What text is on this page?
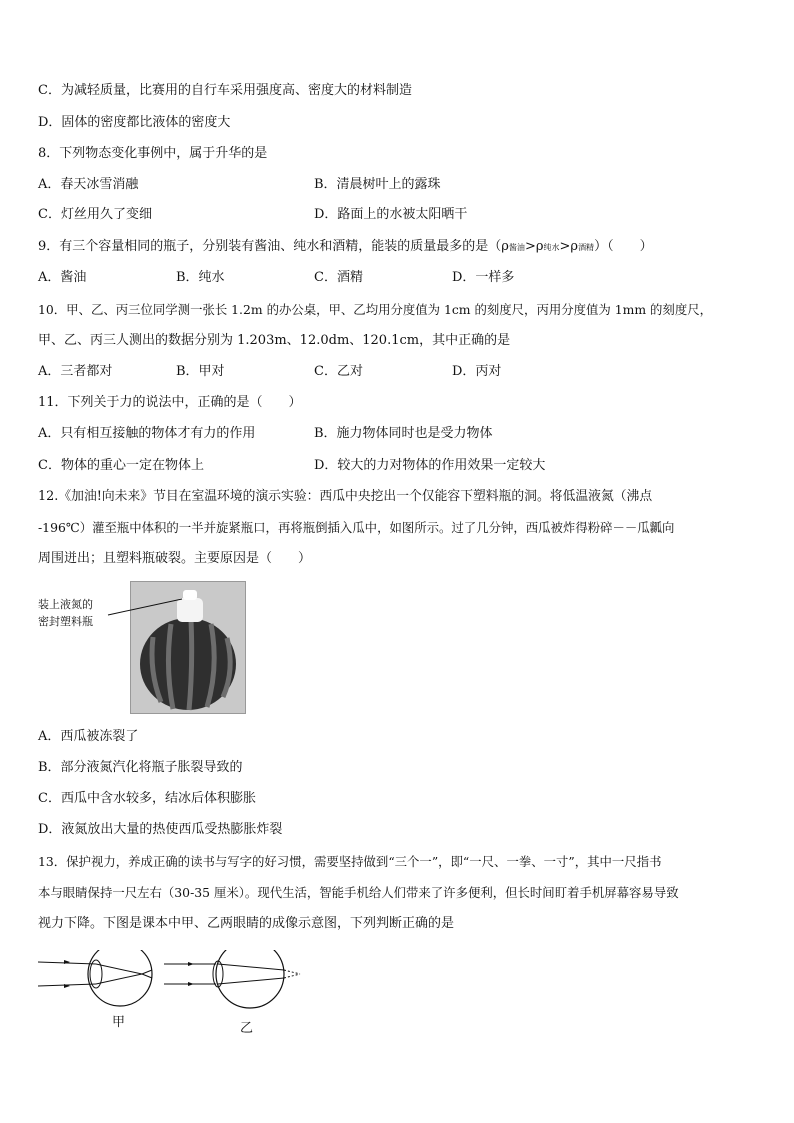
C．为减轻质量，比赛用的自行车采用强度高、密度大的材料制造
D．固体的密度都比液体的密度大
8．下列物态变化事例中，属于升华的是
A．春天冰雪消融	B．清晨树叶上的露珠
C．灯丝用久了变细	D．路面上的水被太阳晒干
9．有三个容量相同的瓶子，分别装有酱油、纯水和酒精，能装的质量最多的是（ρ酱油>ρ纯水>ρ酒精）（　　）
A．酱油	B．纯水	C．酒精	D．一样多
10．甲、乙、丙三位同学测一张长 1.2m 的办公桌，甲、乙均用分度值为 1cm 的刻度尺，丙用分度值为 1mm 的刻度尺，
甲、乙、丙三人测出的数据分别为 1.203m、12.0dm、120.1cm，其中正确的是
A．三者都对	B．甲对	C．乙对	D．丙对
11．下列关于力的说法中，正确的是（　　）
A．只有相互接触的物体才有力的作用	B．施力物体同时也是受力物体
C．物体的重心一定在物体上	D．较大的力对物体的作用效果一定较大
12.《加油!向未来》节目在室温环境的演示实验：西瓜中央挖出一个仅能容下塑料瓶的洞。将低温液氮（沸点
-196℃）灌至瓶中体积的一半并旋紧瓶口，再将瓶倒插入瓜中，如图所示。过了几分钟，西瓜被炸得粉碎－－瓜瓤向
周围迸出；且塑料瓶破裂。主要原因是（　　）
装上液氮的
密封塑料瓶
A．西瓜被冻裂了
B．部分液氮汽化将瓶子胀裂导致的
C．西瓜中含水较多，结冰后体积膨胀
D．液氮放出大量的热使西瓜受热膨胀炸裂
13．保护视力，养成正确的读书与写字的好习惯，需要坚持做到“三个一”，即“一尺、一拳、一寸”，其中一尺指书
本与眼睛保持一尺左右（30-35 厘米）。现代生活，智能手机给人们带来了许多便利，但长时间盯着手机屏幕容易导致
视力下降。下图是课本中甲、乙两眼睛的成像示意图，下列判断正确的是
甲	乙
